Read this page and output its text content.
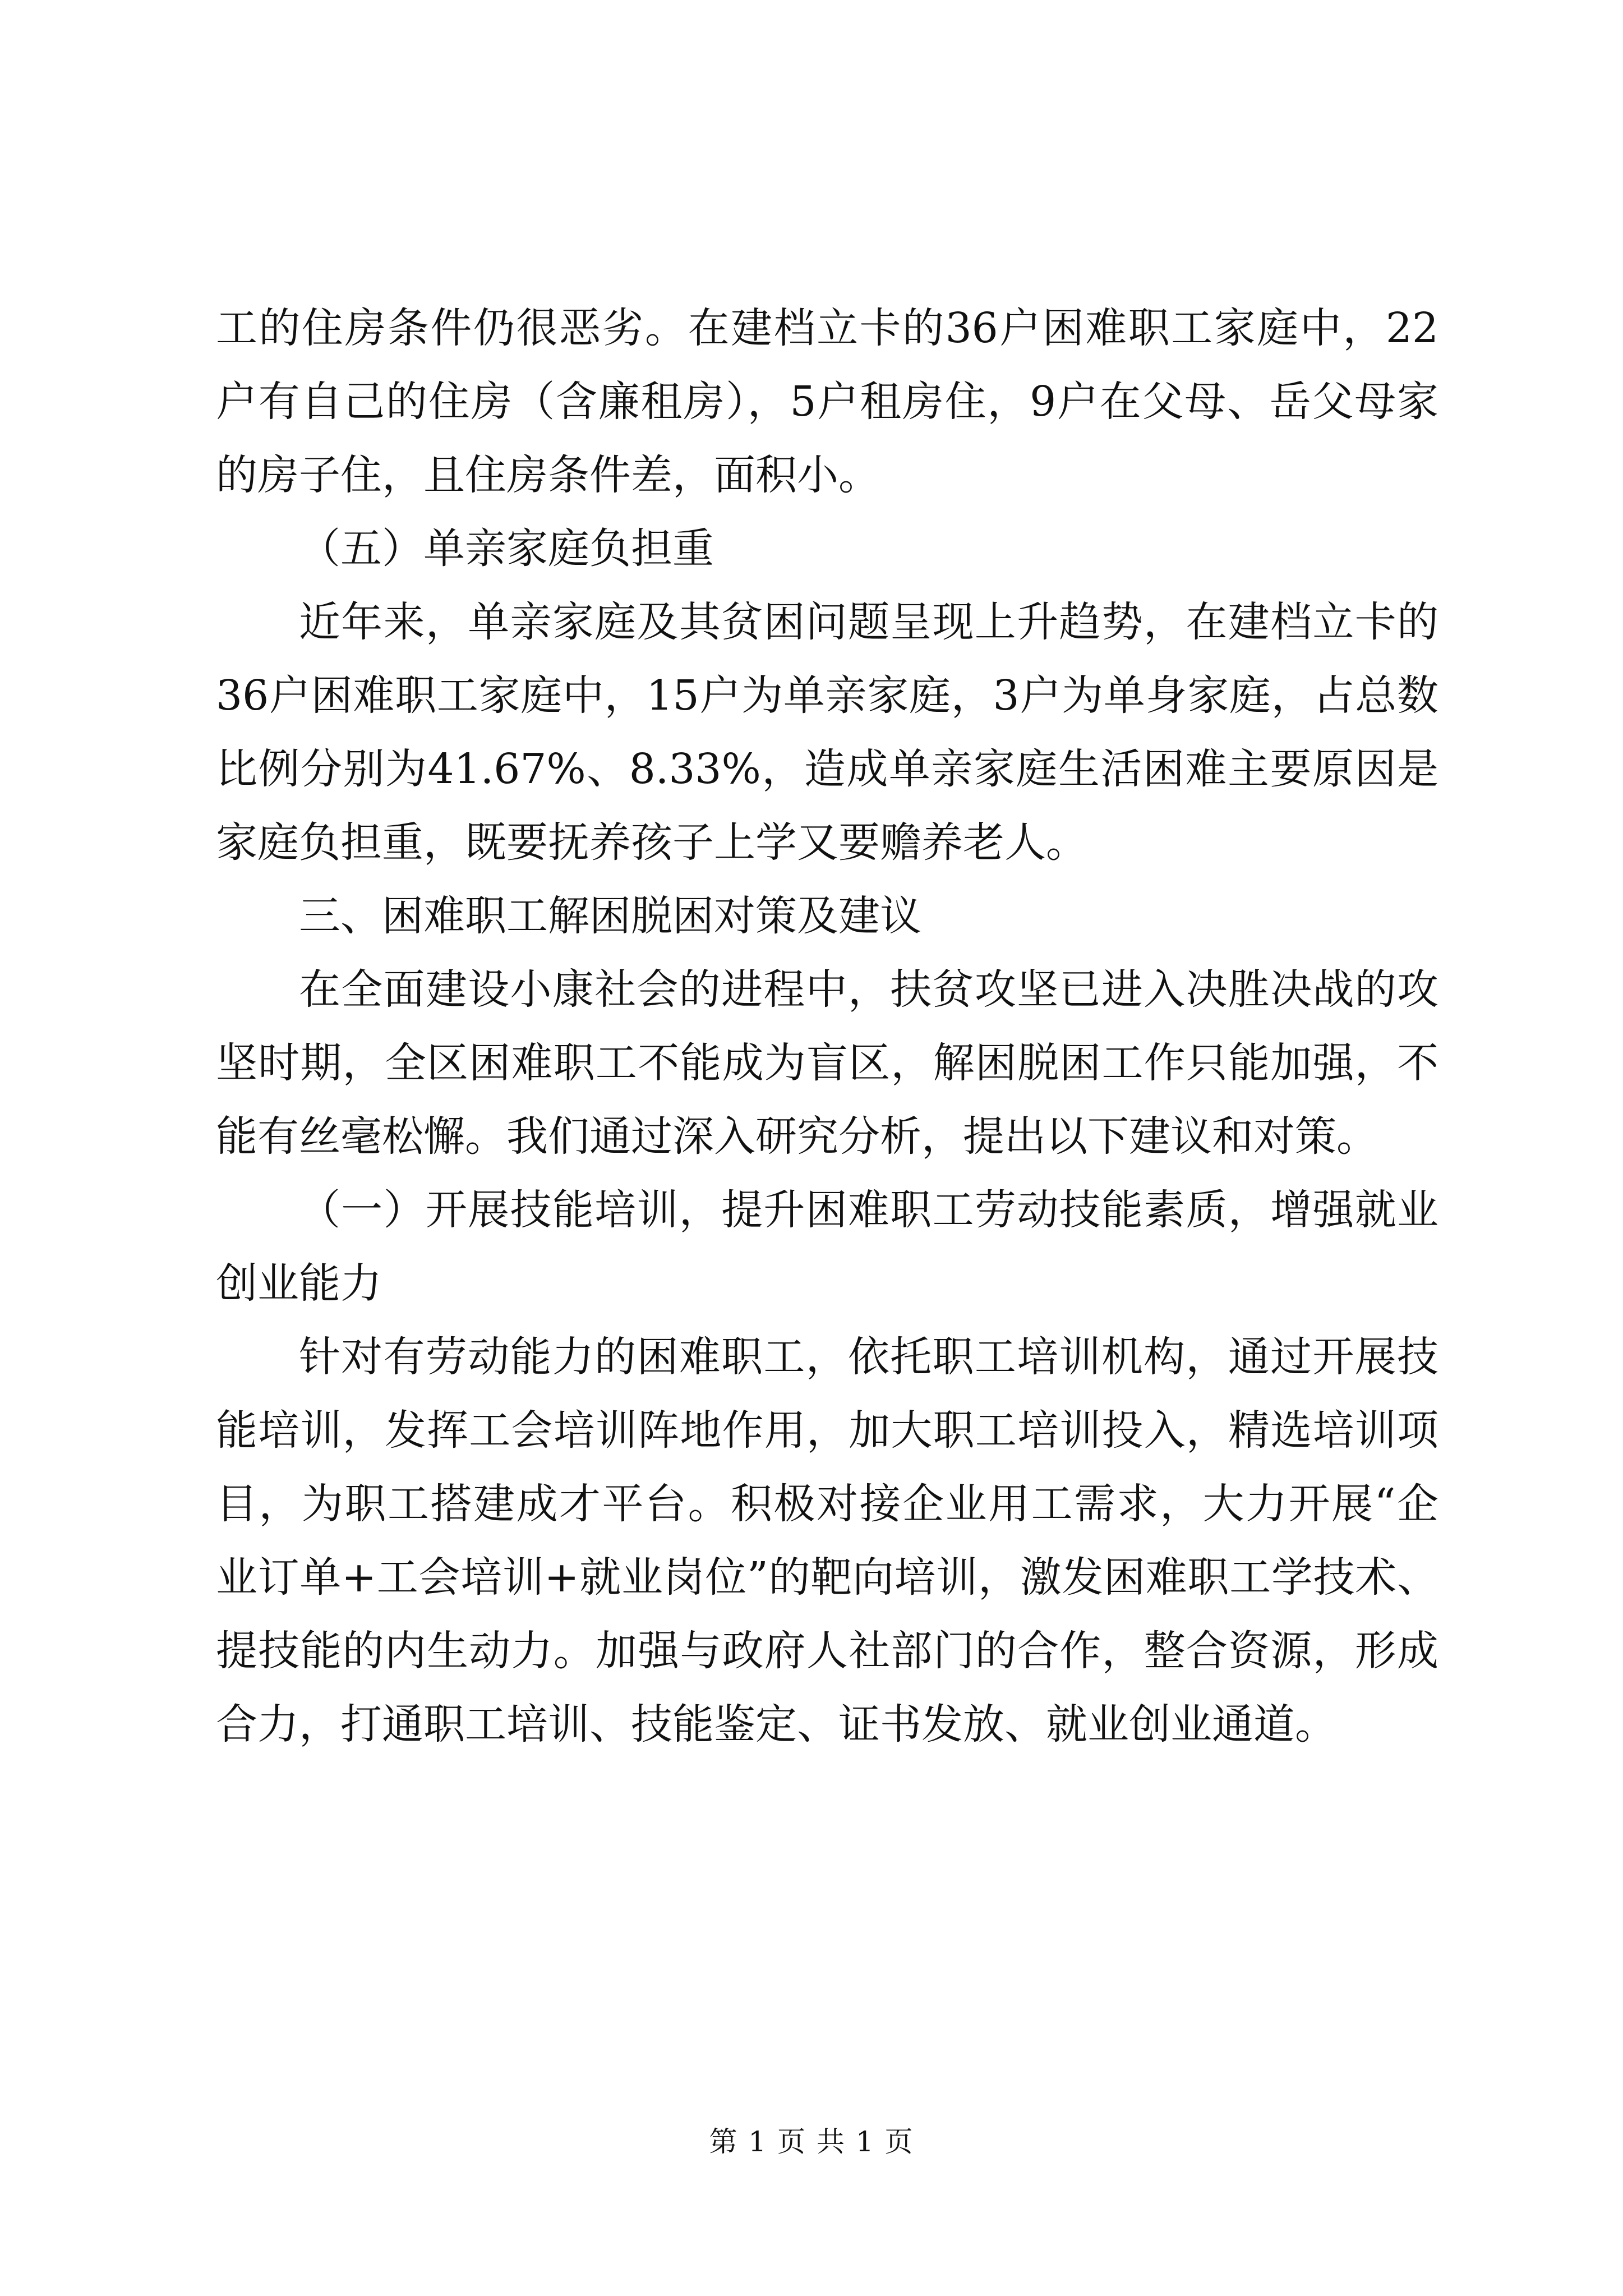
工的住房条件仍很恶劣。在建档立卡的36户困难职工家庭中，22户有自己的住房（含廉租房），5户租房住，9户在父母、岳父母家的房子住，且住房条件差，面积小。

（五）单亲家庭负担重

近年来，单亲家庭及其贫困问题呈现上升趋势，在建档立卡的36户困难职工家庭中，15户为单亲家庭，3户为单身家庭，占总数比例分别为41.67%、8.33%，造成单亲家庭生活困难主要原因是家庭负担重，既要抚养孩子上学又要赡养老人。

三、困难职工解困脱困对策及建议

在全面建设小康社会的进程中，扶贫攻坚已进入决胜决战的攻坚时期，全区困难职工不能成为盲区，解困脱困工作只能加强，不能有丝毫松懈。我们通过深入研究分析，提出以下建议和对策。

（一）开展技能培训，提升困难职工劳动技能素质，增强就业创业能力

针对有劳动能力的困难职工，依托职工培训机构，通过开展技能培训，发挥工会培训阵地作用，加大职工培训投入，精选培训项目，为职工搭建成才平台。积极对接企业用工需求，大力开展“企业订单+工会培训+就业岗位”的靶向培训，激发困难职工学技术、提技能的内生动力。加强与政府人社部门的合作，整合资源，形成合力，打通职工培训、技能鉴定、证书发放、就业创业通道。

第 1 页 共 1 页
